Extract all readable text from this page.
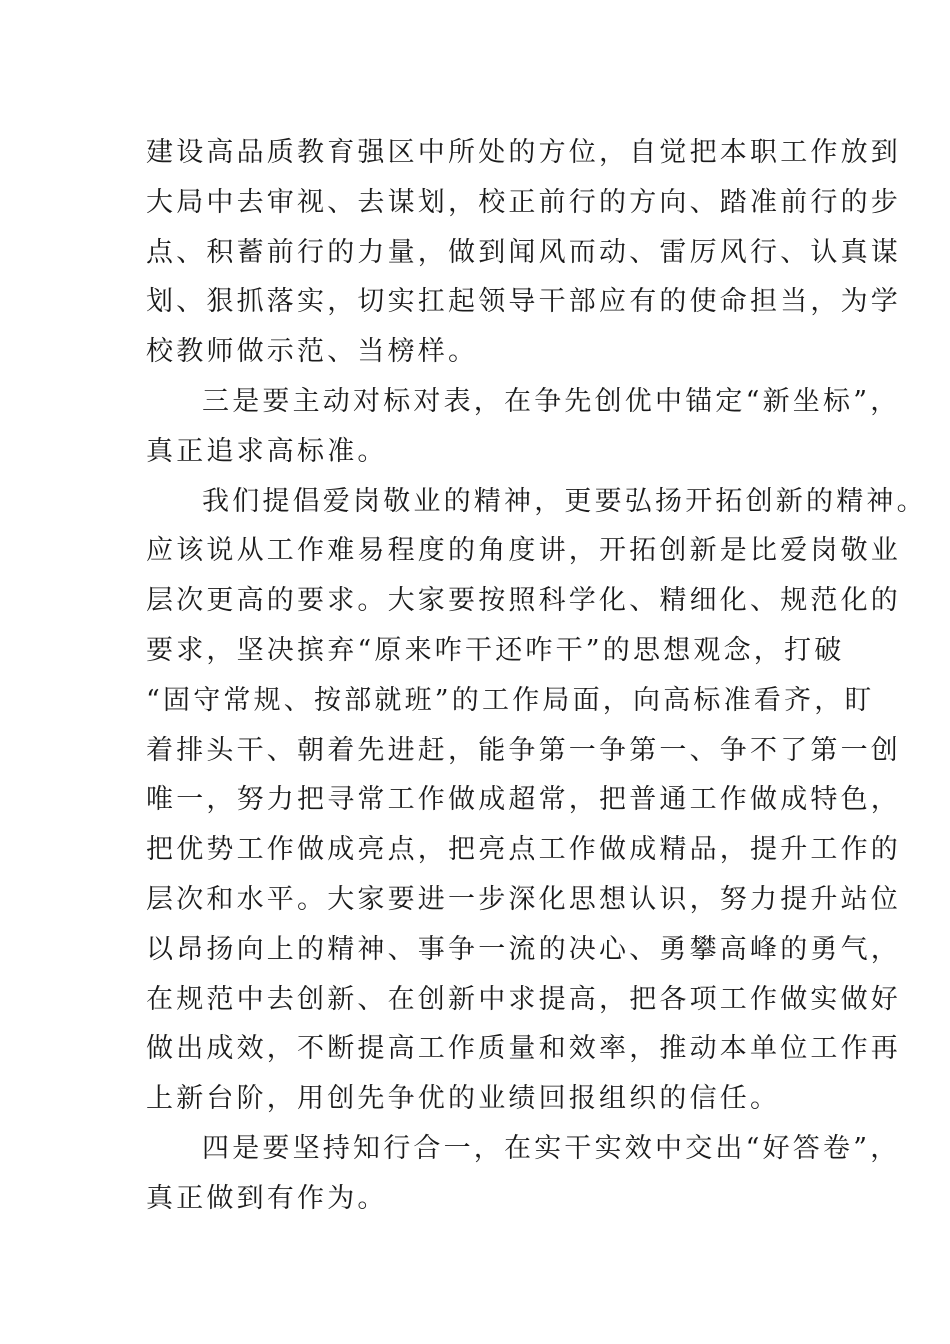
建设高品质教育强区中所处的方位，自觉把本职工作放到
大局中去审视、去谋划，校正前行的方向、踏准前行的步
点、积蓄前行的力量，做到闻风而动、雷厉风行、认真谋
划、狠抓落实，切实扛起领导干部应有的使命担当，为学
校教师做示范、当榜样。
三是要主动对标对表，在争先创优中锚定“新坐标”，
真正追求高标准。
我们提倡爱岗敬业的精神，更要弘扬开拓创新的精神。
应该说从工作难易程度的角度讲，开拓创新是比爱岗敬业
层次更高的要求。大家要按照科学化、精细化、规范化的
要求，坚决摈弃“原来咋干还咋干”的思想观念，打破
“固守常规、按部就班”的工作局面，向高标准看齐，盯
着排头干、朝着先进赶，能争第一争第一、争不了第一创
唯一，努力把寻常工作做成超常，把普通工作做成特色，
把优势工作做成亮点，把亮点工作做成精品，提升工作的
层次和水平。大家要进一步深化思想认识，努力提升站位
以昂扬向上的精神、事争一流的决心、勇攀高峰的勇气，
在规范中去创新、在创新中求提高，把各项工作做实做好
做出成效，不断提高工作质量和效率，推动本单位工作再
上新台阶，用创先争优的业绩回报组织的信任。
四是要坚持知行合一，在实干实效中交出“好答卷”，
真正做到有作为。
